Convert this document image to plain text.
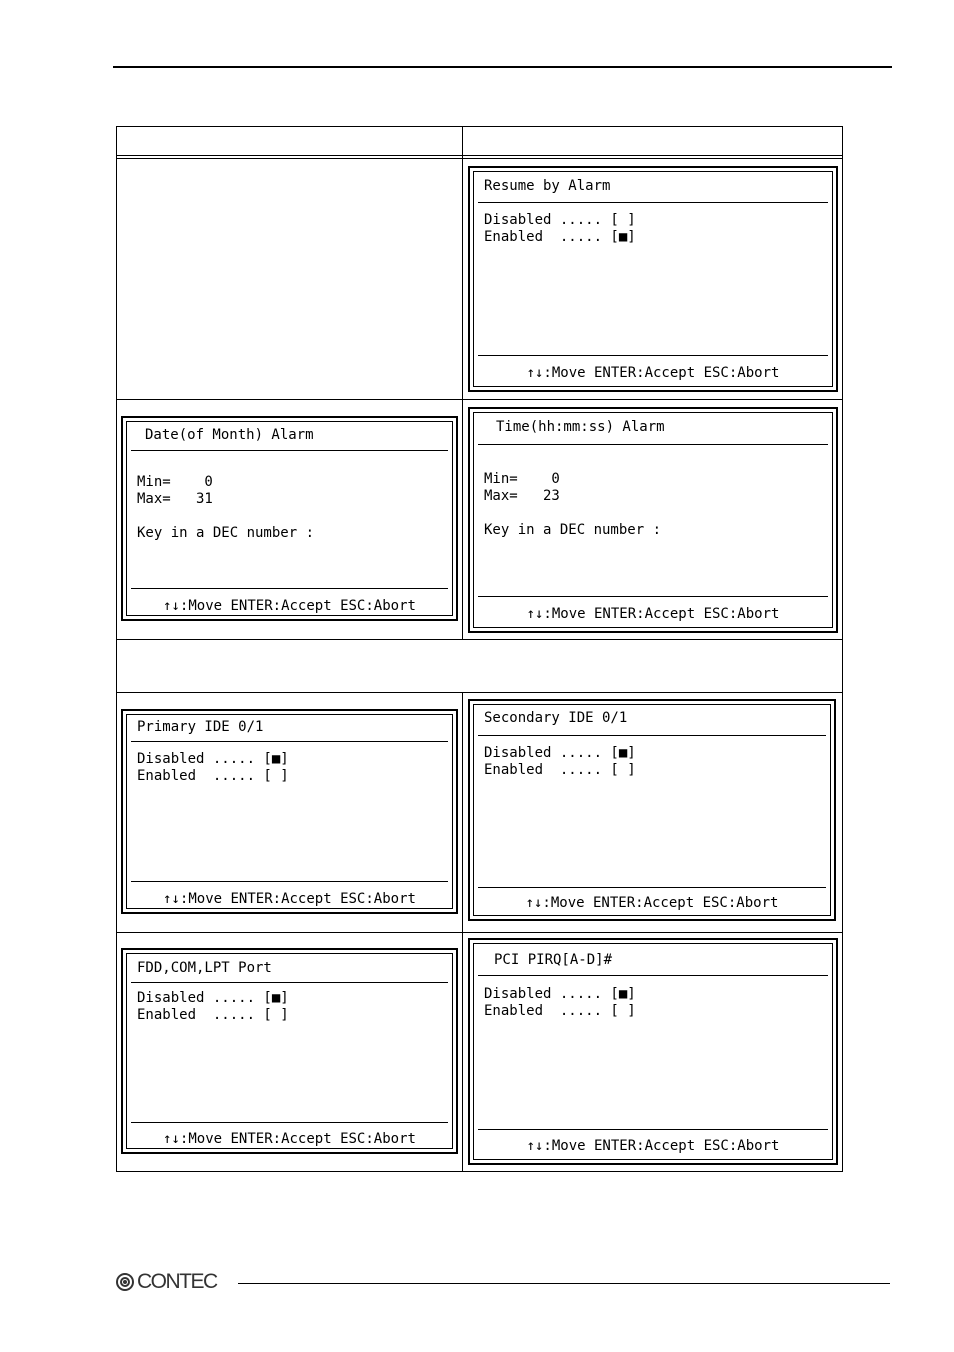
Resume by Alarm
Disabled ..... [ ]
Enabled  ..... [■]
↑↓:Move ENTER:Accept ESC:Abort
Date(of Month) Alarm
Min=    0
Max=   31

Key in a DEC number :
↑↓:Move ENTER:Accept ESC:Abort
Time(hh:mm:ss) Alarm
Min=    0
Max=   23

Key in a DEC number :
↑↓:Move ENTER:Accept ESC:Abort
Primary IDE 0/1
Disabled ..... [■]
Enabled  ..... [ ]
↑↓:Move ENTER:Accept ESC:Abort
Secondary IDE 0/1
Disabled ..... [■]
Enabled  ..... [ ]
↑↓:Move ENTER:Accept ESC:Abort
FDD,COM,LPT Port
Disabled ..... [■]
Enabled  ..... [ ]
↑↓:Move ENTER:Accept ESC:Abort
PCI PIRQ[A-D]#
Disabled ..... [■]
Enabled  ..... [ ]
↑↓:Move ENTER:Accept ESC:Abort
CONTEC
